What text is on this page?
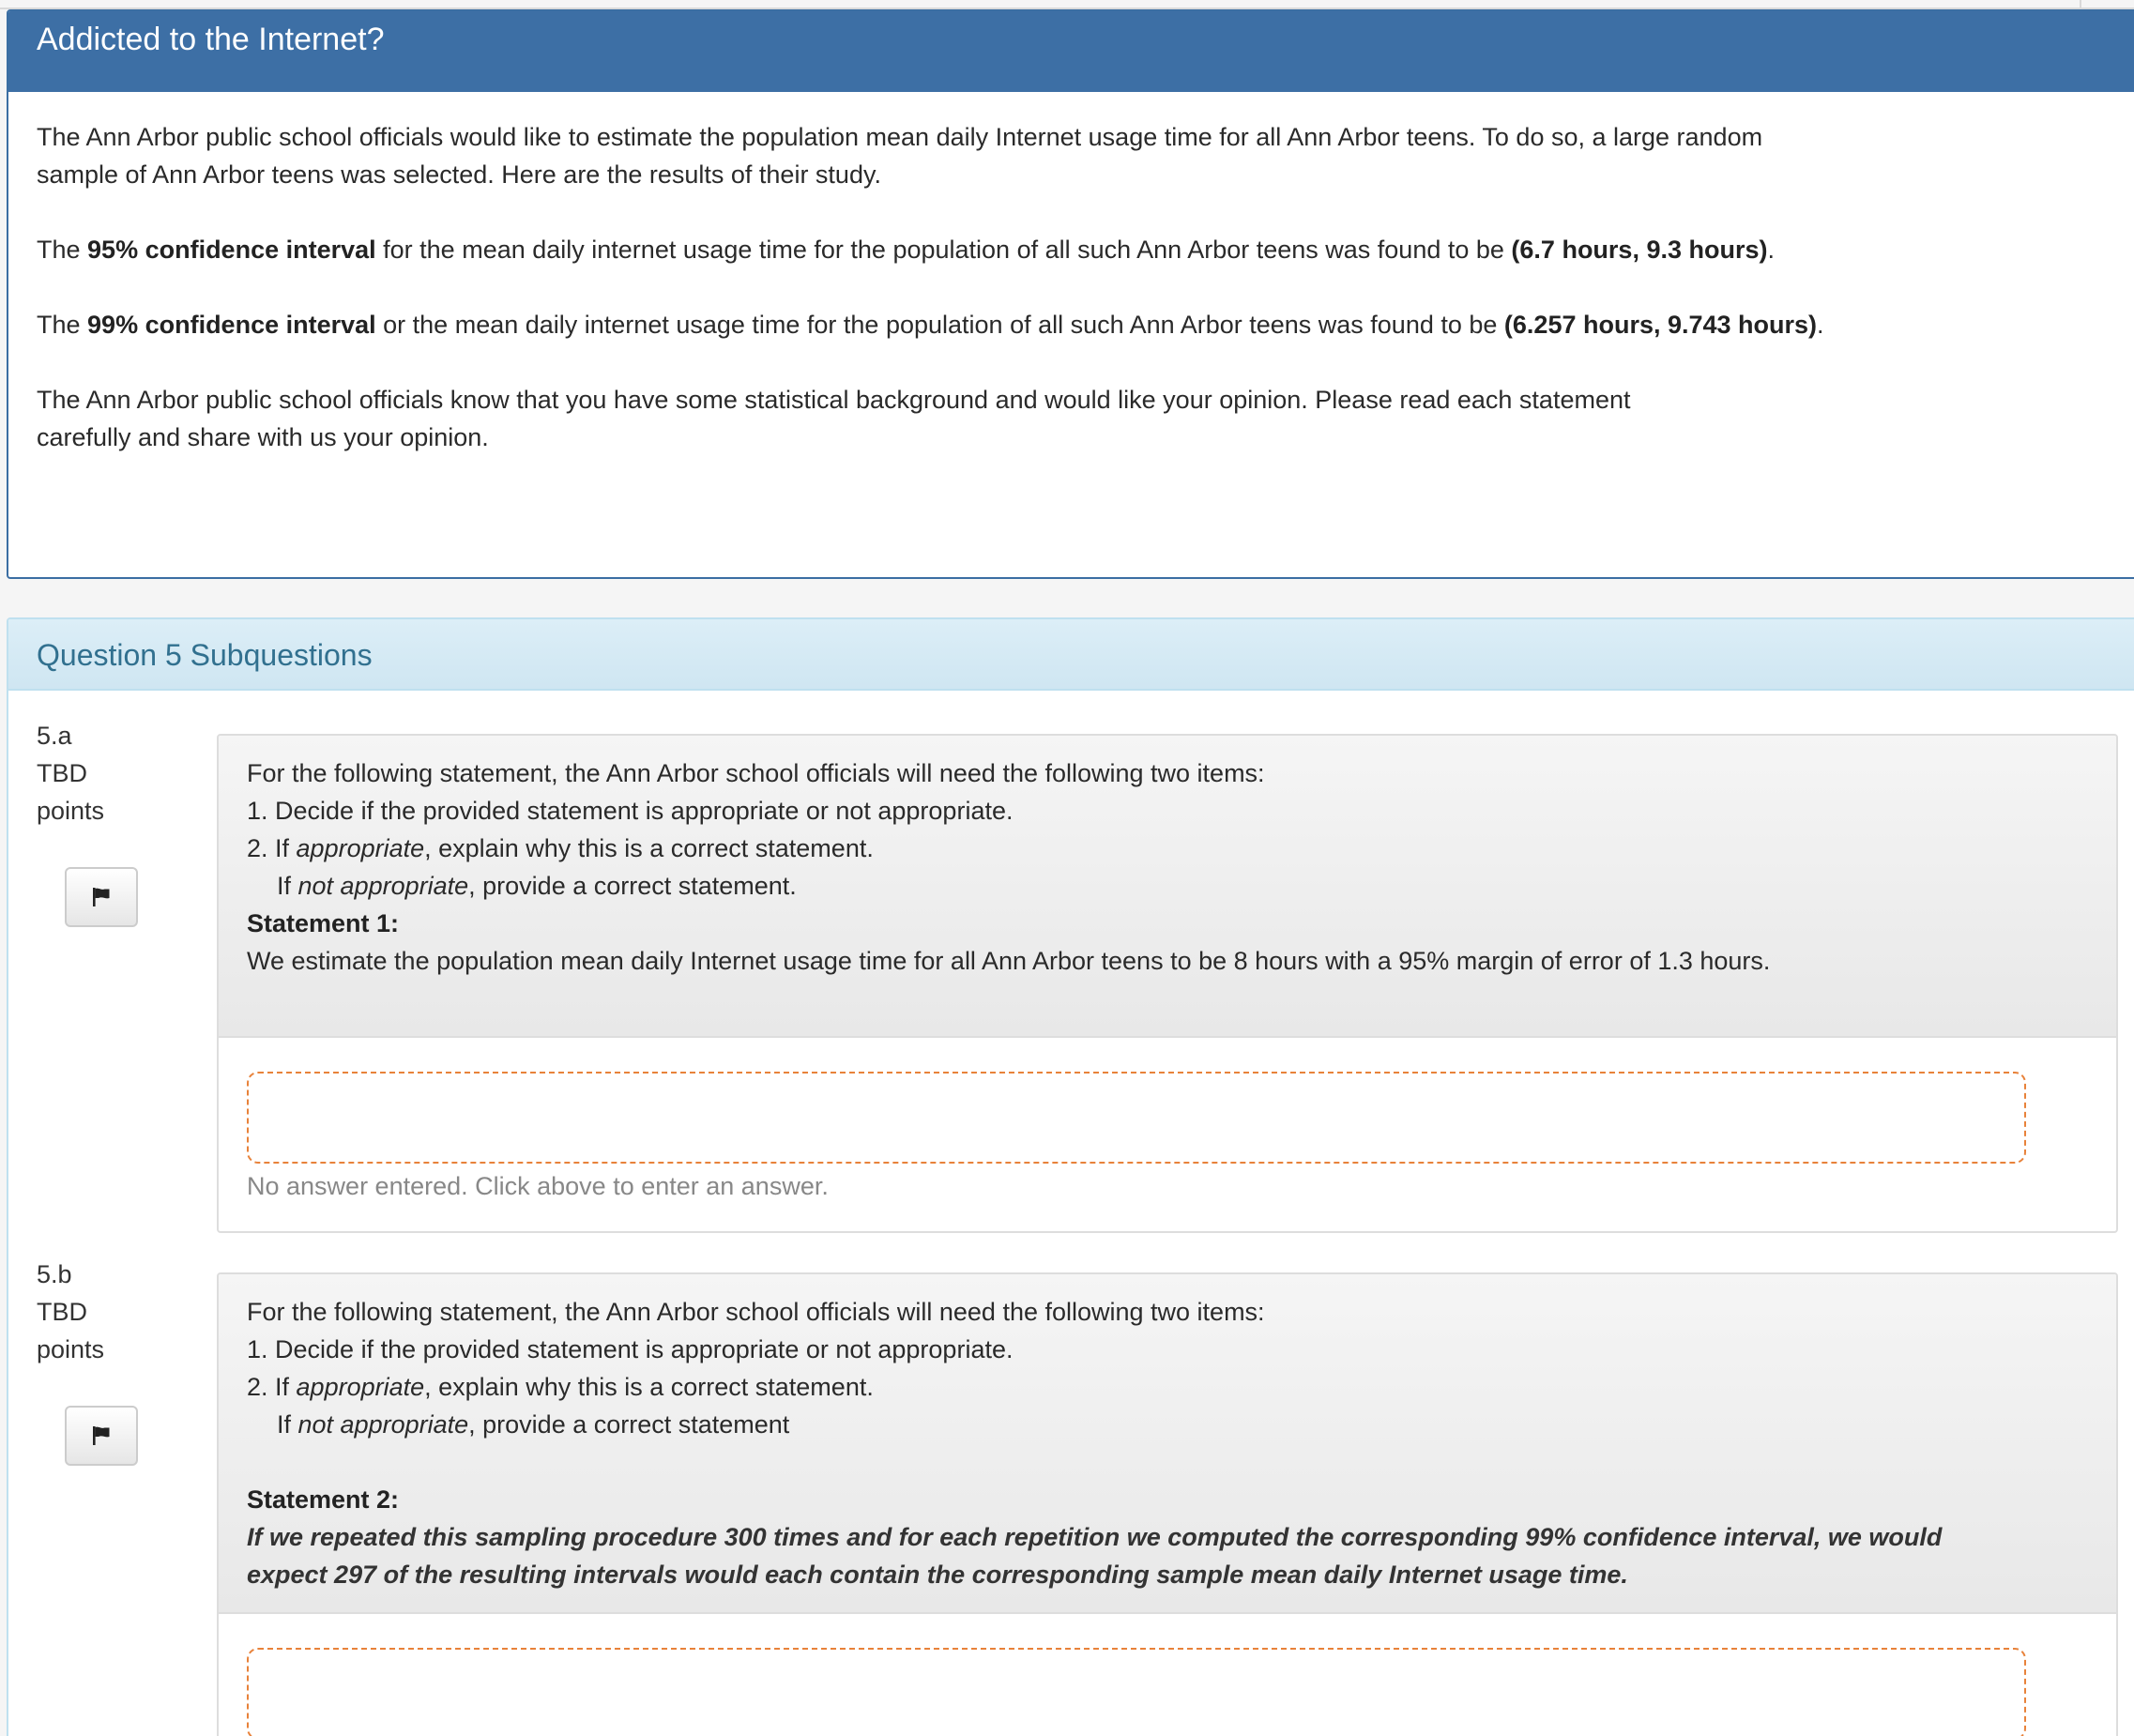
Addicted to the Internet?

The Ann Arbor public school officials would like to estimate the population mean daily Internet usage time for all Ann Arbor teens. To do so, a large random sample of Ann Arbor teens was selected. Here are the results of their study.

The 95% confidence interval for the mean daily internet usage time for the population of all such Ann Arbor teens was found to be (6.7 hours, 9.3 hours).

The 99% confidence interval or the mean daily internet usage time for the population of all such Ann Arbor teens was found to be (6.257 hours, 9.743 hours).

The Ann Arbor public school officials know that you have some statistical background and would like your opinion. Please read each statement carefully and share with us your opinion.

Question 5 Subquestions
5.a
TBD
points
For the following statement, the Ann Arbor school officials will need the following two items:
1. Decide if the provided statement is appropriate or not appropriate.
2. If appropriate, explain why this is a correct statement.
If not appropriate, provide a correct statement.
Statement 1:
We estimate the population mean daily Internet usage time for all Ann Arbor teens to be 8 hours with a 95% margin of error of 1.3 hours.
No answer entered. Click above to enter an answer.
5.b
TBD
points
For the following statement, the Ann Arbor school officials will need the following two items:
1. Decide if the provided statement is appropriate or not appropriate.
2. If appropriate, explain why this is a correct statement.
If not appropriate, provide a correct statement
Statement 2:
If we repeated this sampling procedure 300 times and for each repetition we computed the corresponding 99% confidence interval, we would
expect 297 of the resulting intervals would each contain the corresponding sample mean daily Internet usage time.
